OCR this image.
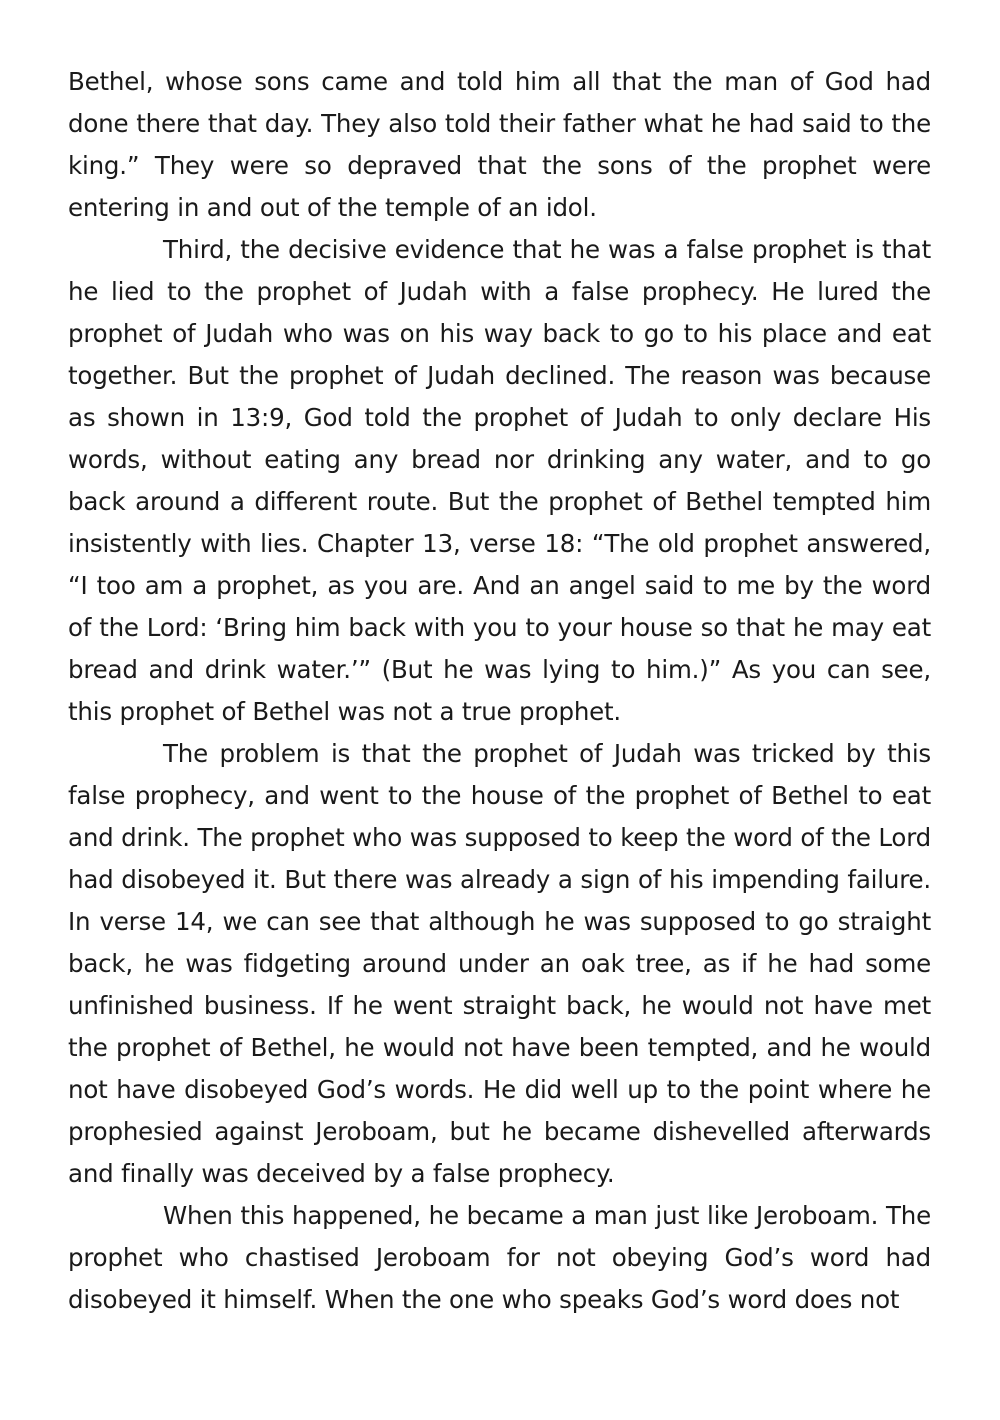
Bethel, whose sons came and told him all that the man of God had done there that day. They also told their father what he had said to the king.” They were so depraved that the sons of the prophet were entering in and out of the temple of an idol.

Third, the decisive evidence that he was a false prophet is that he lied to the prophet of Judah with a false prophecy. He lured the prophet of Judah who was on his way back to go to his place and eat together. But the prophet of Judah declined. The reason was because as shown in 13:9, God told the prophet of Judah to only declare His words, without eating any bread nor drinking any water, and to go back around a different route. But the prophet of Bethel tempted him insistently with lies. Chapter 13, verse 18: “The old prophet answered, “I too am a prophet, as you are. And an angel said to me by the word of the Lord: ‘Bring him back with you to your house so that he may eat bread and drink water.’” (But he was lying to him.)” As you can see, this prophet of Bethel was not a true prophet.

The problem is that the prophet of Judah was tricked by this false prophecy, and went to the house of the prophet of Bethel to eat and drink. The prophet who was supposed to keep the word of the Lord had disobeyed it. But there was already a sign of his impending failure. In verse 14, we can see that although he was supposed to go straight back, he was fidgeting around under an oak tree, as if he had some unfinished business. If he went straight back, he would not have met the prophet of Bethel, he would not have been tempted, and he would not have disobeyed God’s words. He did well up to the point where he prophesied against Jeroboam, but he became dishevelled afterwards and finally was deceived by a false prophecy.

When this happened, he became a man just like Jeroboam. The prophet who chastised Jeroboam for not obeying God’s word had disobeyed it himself. When the one who speaks God’s word does not
